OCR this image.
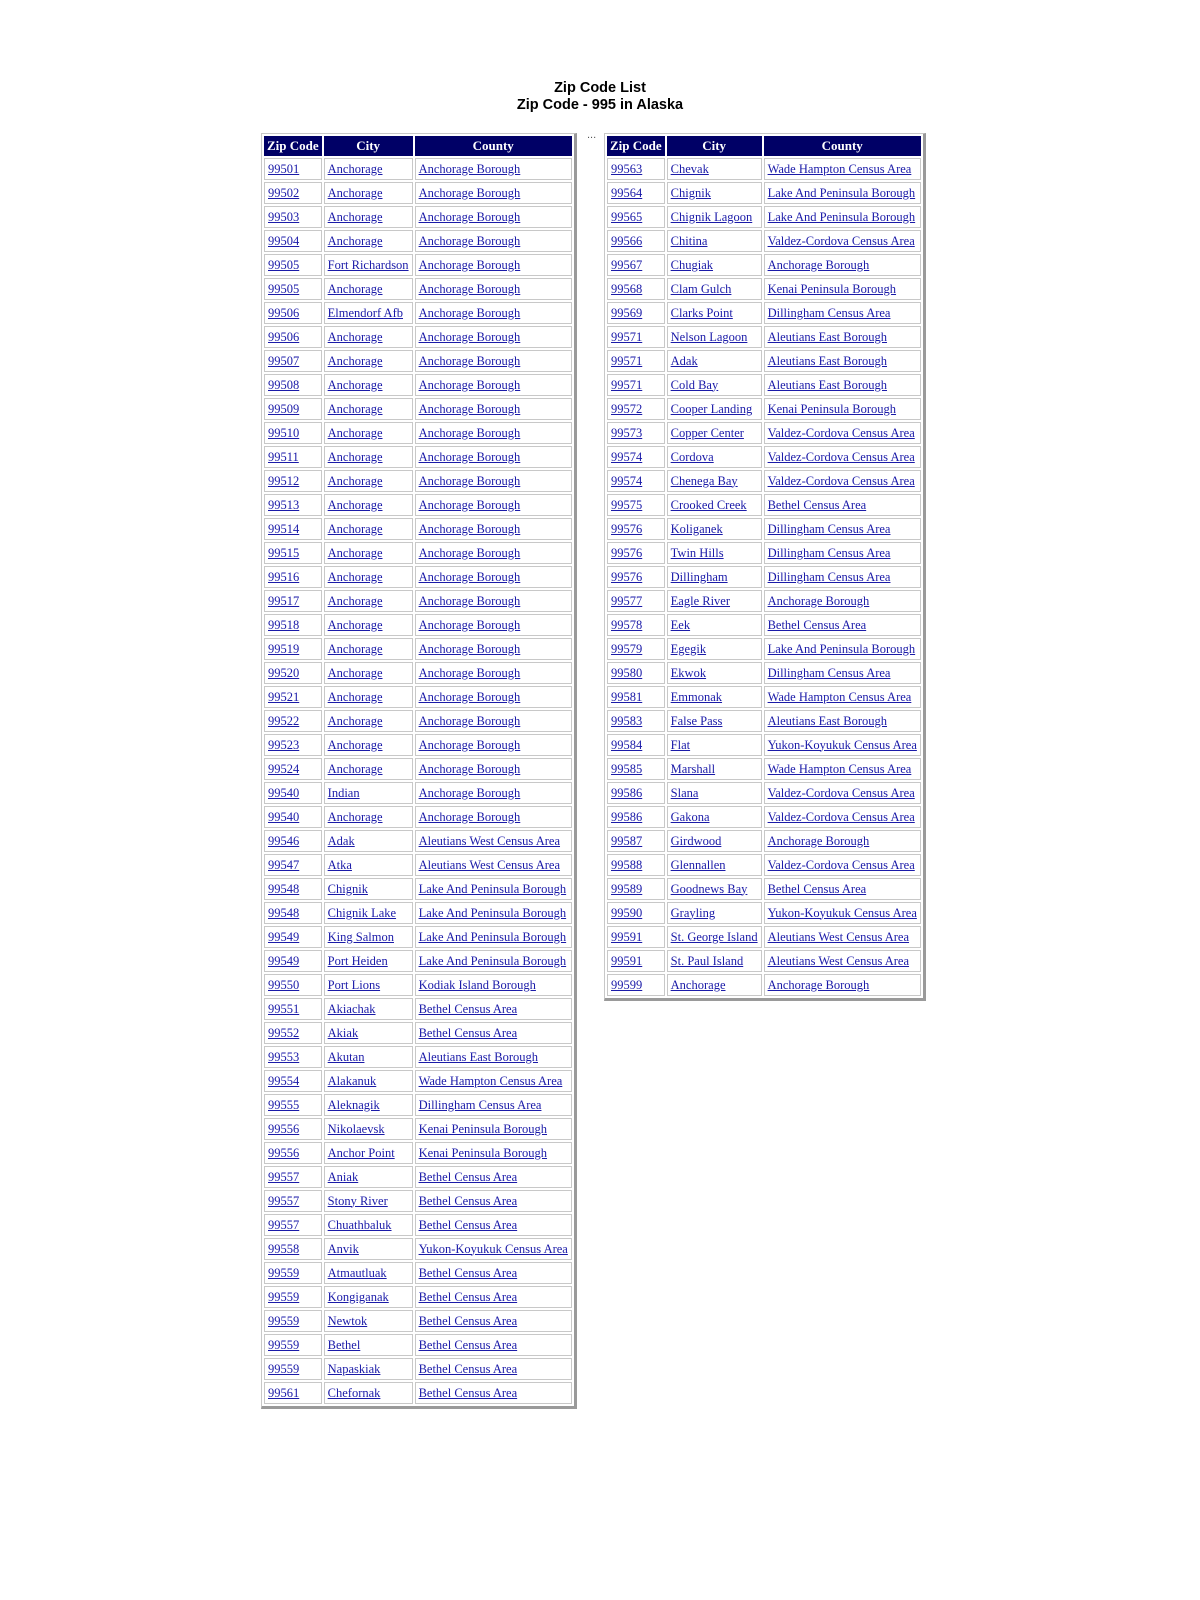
Zip Code List
Zip Code - 995 in Alaska
Zip Code	City	County
99501	Anchorage	Anchorage Borough
99502	Anchorage	Anchorage Borough
99503	Anchorage	Anchorage Borough
99504	Anchorage	Anchorage Borough
99505	Fort Richardson	Anchorage Borough
99505	Anchorage	Anchorage Borough
99506	Elmendorf Afb	Anchorage Borough
99506	Anchorage	Anchorage Borough
99507	Anchorage	Anchorage Borough
99508	Anchorage	Anchorage Borough
99509	Anchorage	Anchorage Borough
99510	Anchorage	Anchorage Borough
99511	Anchorage	Anchorage Borough
99512	Anchorage	Anchorage Borough
99513	Anchorage	Anchorage Borough
99514	Anchorage	Anchorage Borough
99515	Anchorage	Anchorage Borough
99516	Anchorage	Anchorage Borough
99517	Anchorage	Anchorage Borough
99518	Anchorage	Anchorage Borough
99519	Anchorage	Anchorage Borough
99520	Anchorage	Anchorage Borough
99521	Anchorage	Anchorage Borough
99522	Anchorage	Anchorage Borough
99523	Anchorage	Anchorage Borough
99524	Anchorage	Anchorage Borough
99540	Indian	Anchorage Borough
99540	Anchorage	Anchorage Borough
99546	Adak	Aleutians West Census Area
99547	Atka	Aleutians West Census Area
99548	Chignik	Lake And Peninsula Borough
99548	Chignik Lake	Lake And Peninsula Borough
99549	King Salmon	Lake And Peninsula Borough
99549	Port Heiden	Lake And Peninsula Borough
99550	Port Lions	Kodiak Island Borough
99551	Akiachak	Bethel Census Area
99552	Akiak	Bethel Census Area
99553	Akutan	Aleutians East Borough
99554	Alakanuk	Wade Hampton Census Area
99555	Aleknagik	Dillingham Census Area
99556	Nikolaevsk	Kenai Peninsula Borough
99556	Anchor Point	Kenai Peninsula Borough
99557	Aniak	Bethel Census Area
99557	Stony River	Bethel Census Area
99557	Chuathbaluk	Bethel Census Area
99558	Anvik	Yukon-Koyukuk Census Area
99559	Atmautluak	Bethel Census Area
99559	Kongiganak	Bethel Census Area
99559	Newtok	Bethel Census Area
99559	Bethel	Bethel Census Area
99559	Napaskiak	Bethel Census Area
99561	Chefornak	Bethel Census Area
...
Zip Code	City	County
99563	Chevak	Wade Hampton Census Area
99564	Chignik	Lake And Peninsula Borough
99565	Chignik Lagoon	Lake And Peninsula Borough
99566	Chitina	Valdez-Cordova Census Area
99567	Chugiak	Anchorage Borough
99568	Clam Gulch	Kenai Peninsula Borough
99569	Clarks Point	Dillingham Census Area
99571	Nelson Lagoon	Aleutians East Borough
99571	Adak	Aleutians East Borough
99571	Cold Bay	Aleutians East Borough
99572	Cooper Landing	Kenai Peninsula Borough
99573	Copper Center	Valdez-Cordova Census Area
99574	Cordova	Valdez-Cordova Census Area
99574	Chenega Bay	Valdez-Cordova Census Area
99575	Crooked Creek	Bethel Census Area
99576	Koliganek	Dillingham Census Area
99576	Twin Hills	Dillingham Census Area
99576	Dillingham	Dillingham Census Area
99577	Eagle River	Anchorage Borough
99578	Eek	Bethel Census Area
99579	Egegik	Lake And Peninsula Borough
99580	Ekwok	Dillingham Census Area
99581	Emmonak	Wade Hampton Census Area
99583	False Pass	Aleutians East Borough
99584	Flat	Yukon-Koyukuk Census Area
99585	Marshall	Wade Hampton Census Area
99586	Slana	Valdez-Cordova Census Area
99586	Gakona	Valdez-Cordova Census Area
99587	Girdwood	Anchorage Borough
99588	Glennallen	Valdez-Cordova Census Area
99589	Goodnews Bay	Bethel Census Area
99590	Grayling	Yukon-Koyukuk Census Area
99591	St. George Island	Aleutians West Census Area
99591	St. Paul Island	Aleutians West Census Area
99599	Anchorage	Anchorage Borough
